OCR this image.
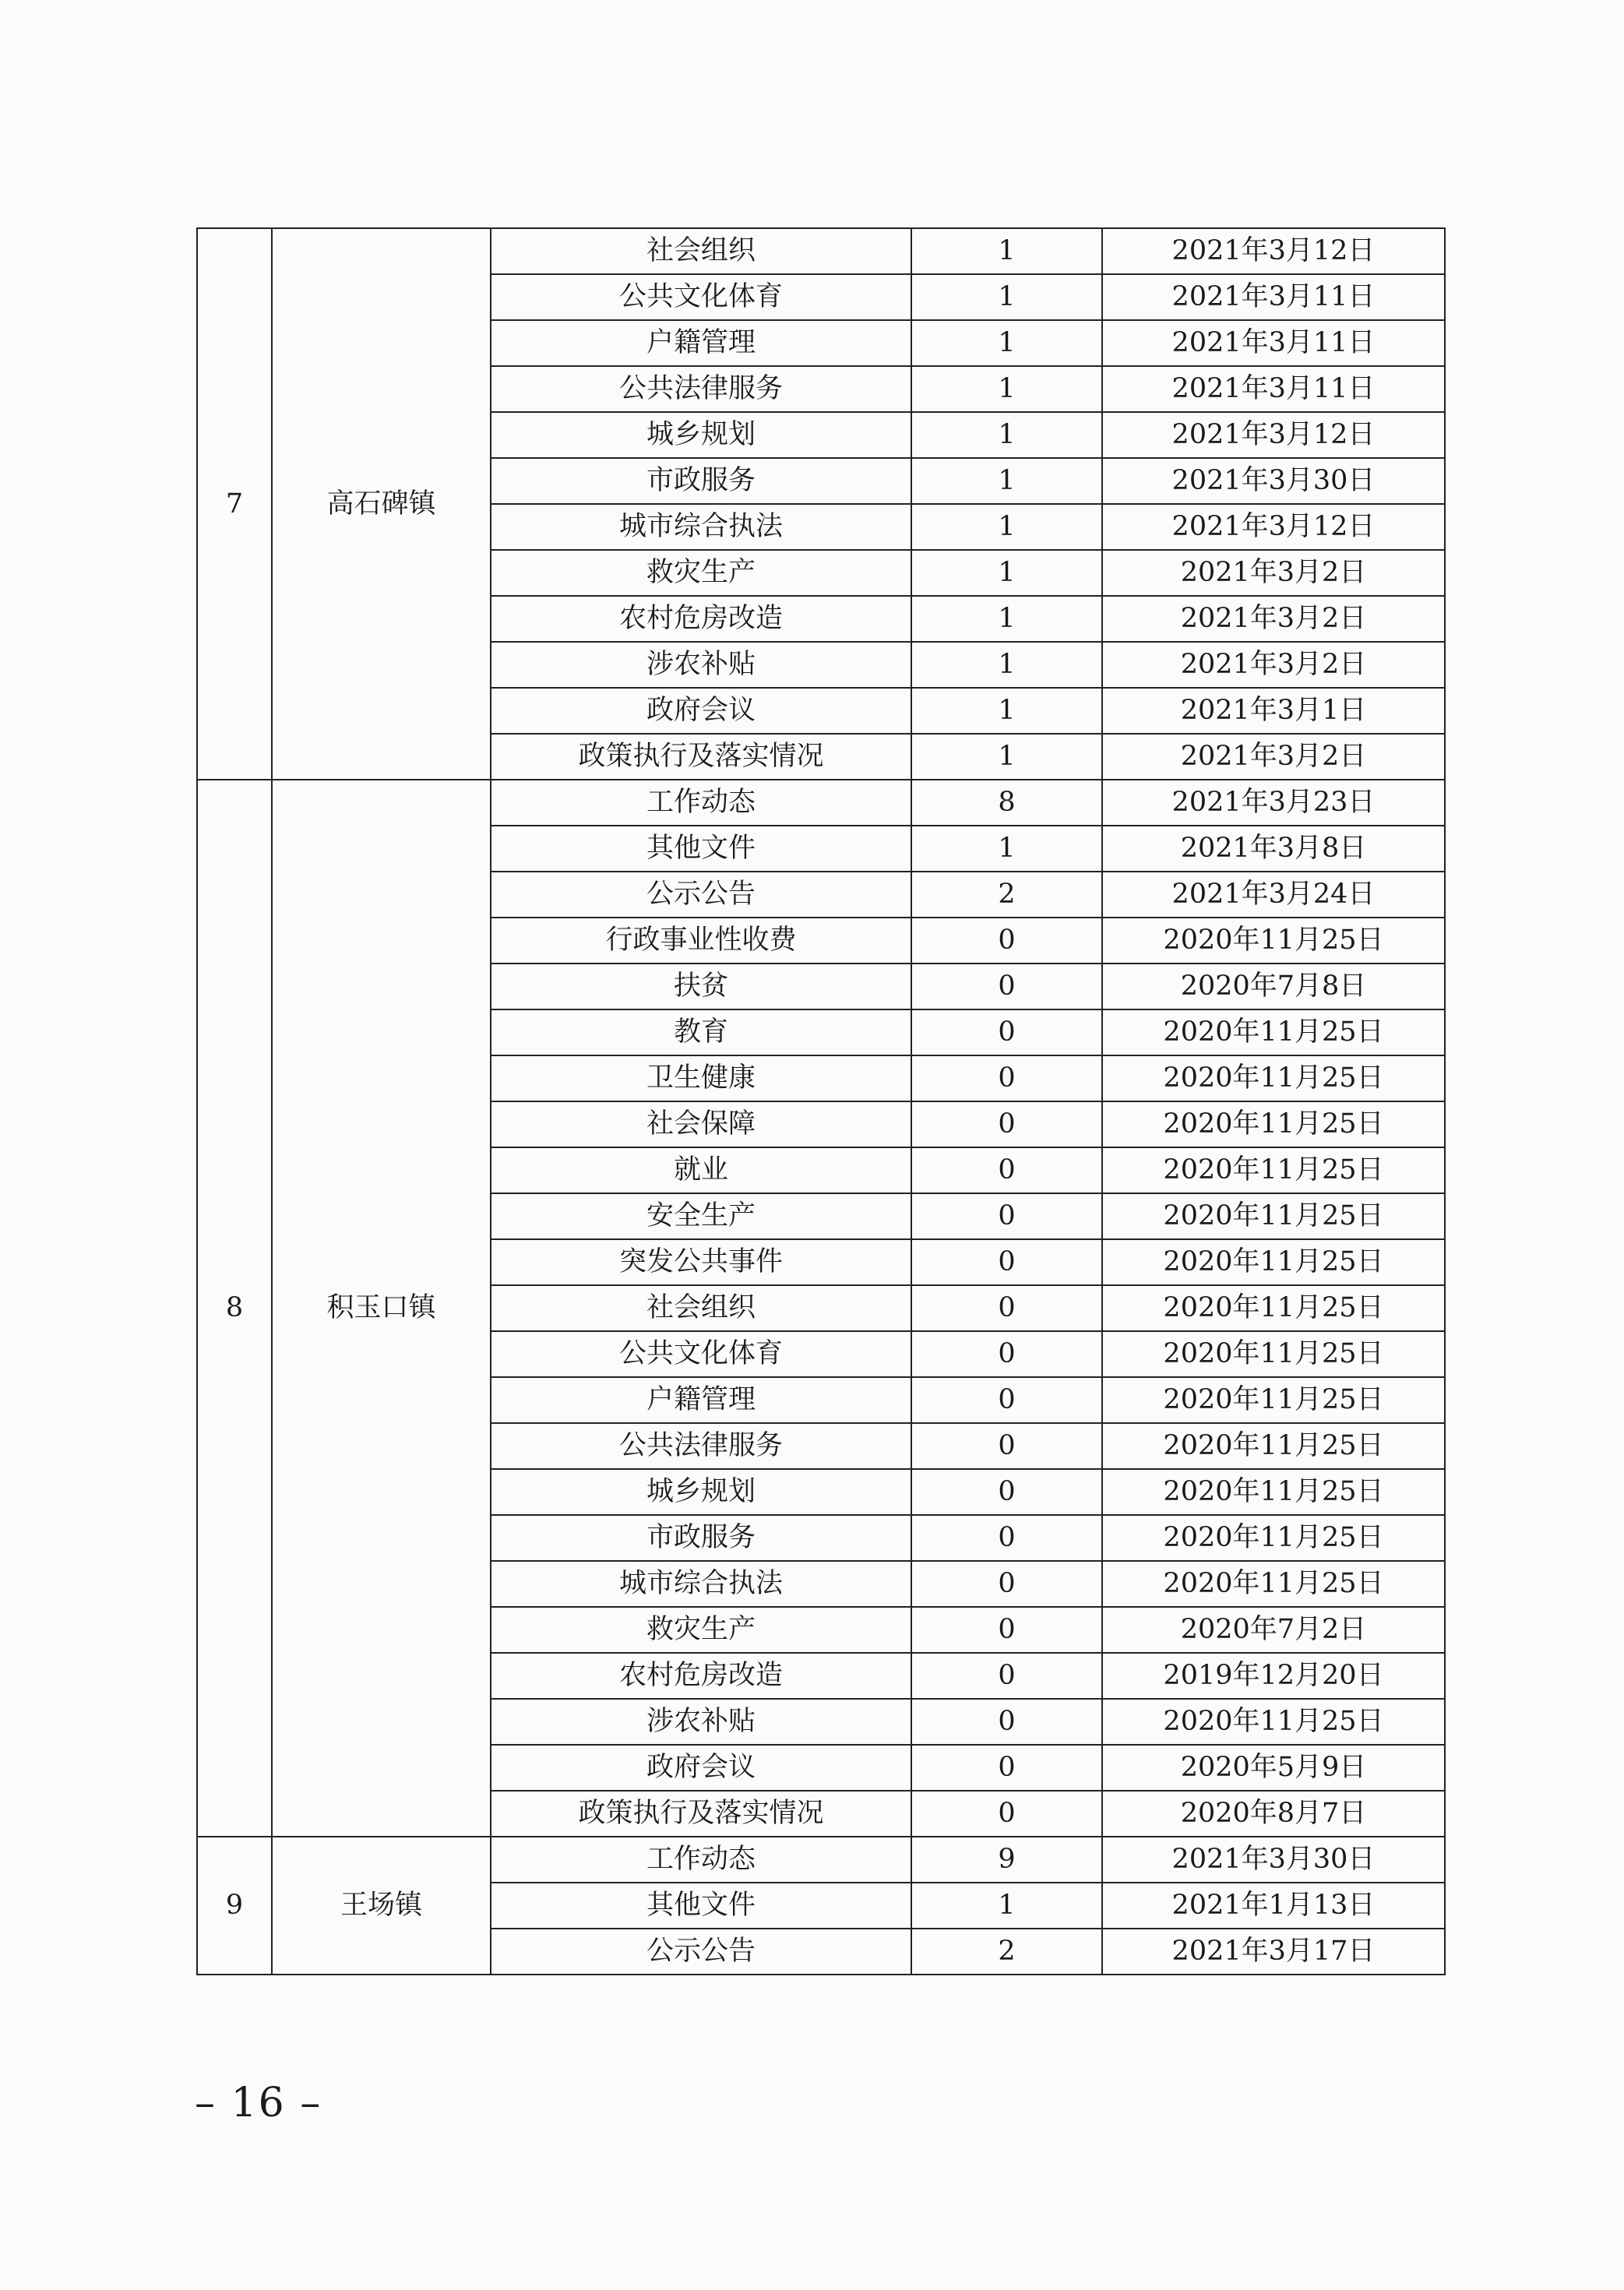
7	高石碑镇	社会组织	1	2021年3月12日
		公共文化体育	1	2021年3月11日
		户籍管理	1	2021年3月11日
		公共法律服务	1	2021年3月11日
		城乡规划	1	2021年3月12日
		市政服务	1	2021年3月30日
		城市综合执法	1	2021年3月12日
		救灾生产	1	2021年3月2日
		农村危房改造	1	2021年3月2日
		涉农补贴	1	2021年3月2日
		政府会议	1	2021年3月1日
		政策执行及落实情况	1	2021年3月2日
8	积玉口镇	工作动态	8	2021年3月23日
		其他文件	1	2021年3月8日
		公示公告	2	2021年3月24日
		行政事业性收费	0	2020年11月25日
		扶贫	0	2020年7月8日
		教育	0	2020年11月25日
		卫生健康	0	2020年11月25日
		社会保障	0	2020年11月25日
		就业	0	2020年11月25日
		安全生产	0	2020年11月25日
		突发公共事件	0	2020年11月25日
		社会组织	0	2020年11月25日
		公共文化体育	0	2020年11月25日
		户籍管理	0	2020年11月25日
		公共法律服务	0	2020年11月25日
		城乡规划	0	2020年11月25日
		市政服务	0	2020年11月25日
		城市综合执法	0	2020年11月25日
		救灾生产	0	2020年7月2日
		农村危房改造	0	2019年12月20日
		涉农补贴	0	2020年11月25日
		政府会议	0	2020年5月9日
		政策执行及落实情况	0	2020年8月7日
9	王场镇	工作动态	9	2021年3月30日
		其他文件	1	2021年1月13日
		公示公告	2	2021年3月17日
– 16 –
